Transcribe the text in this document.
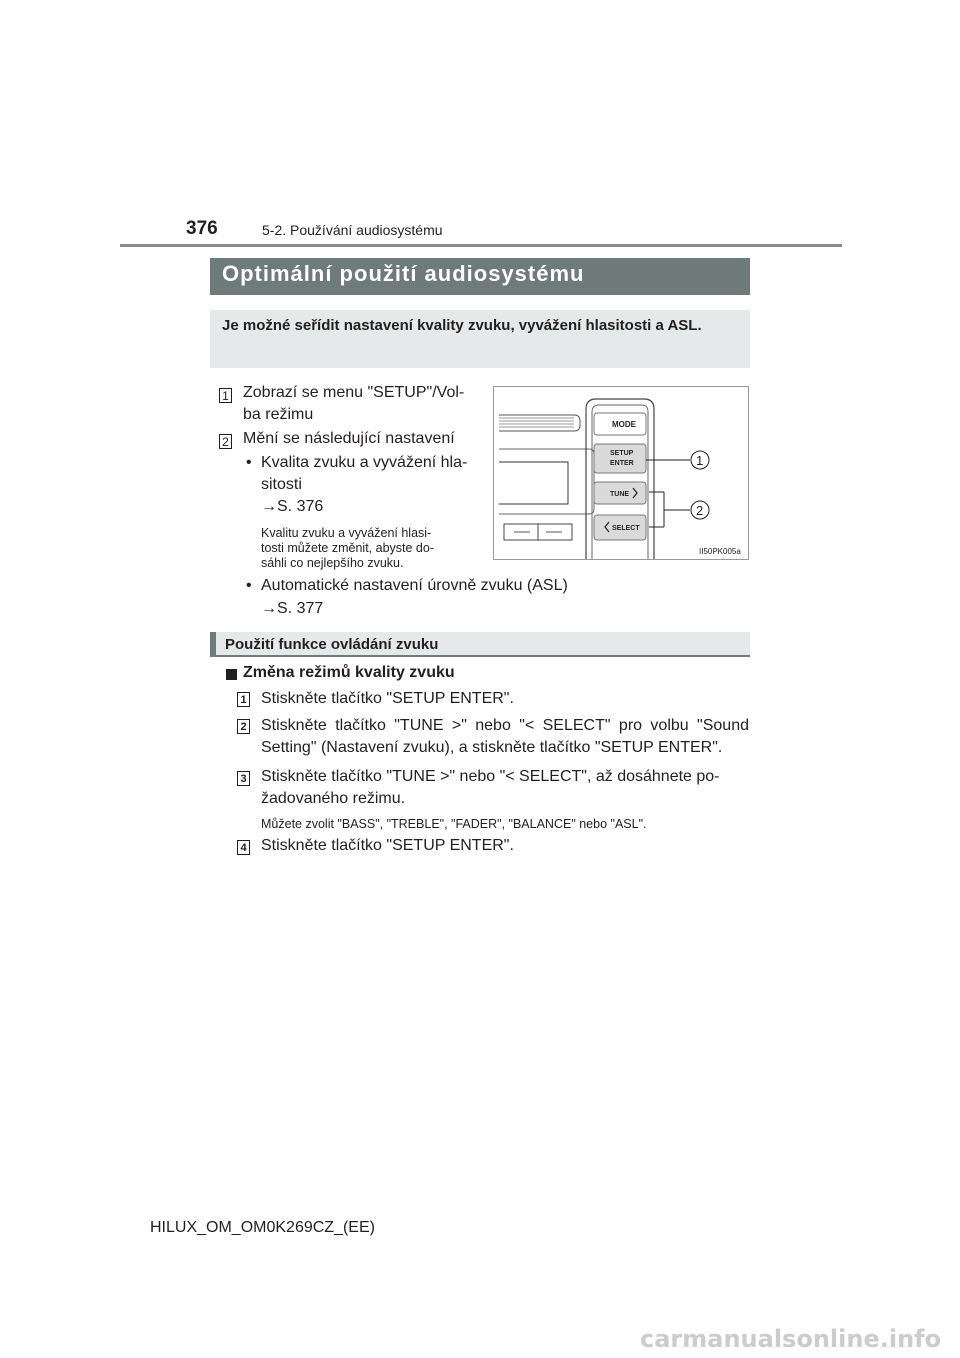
376	5-2. Používání audiosystému
Optimální použití audiosystému
Je možné seřídit nastavení kvality zvuku, vyvážení hlasitosti a ASL.
1 Zobrazí se menu "SETUP"/Vol-
ba režimu
2 Mění se následující nastavení
• Kvalita zvuku a vyvážení hla-
sitosti
→S. 376
Kvalitu zvuku a vyvážení hlasi-
tosti můžete změnit, abyste do-
sáhli co nejlepšího zvuku.
• Automatické nastavení úrovně zvuku (ASL)
→S. 377
MODE
SETUP
ENTER
TUNE
SELECT
1
2
II50PK005a
Použití funkce ovládání zvuku
Změna režimů kvality zvuku
1 Stiskněte tlačítko "SETUP ENTER".
2 Stiskněte tlačítko "TUNE >" nebo "< SELECT" pro volbu "Sound
Setting" (Nastavení zvuku), a stiskněte tlačítko "SETUP ENTER".
3 Stiskněte tlačítko "TUNE >" nebo "< SELECT", až dosáhnete po-
žadovaného režimu.
Můžete zvolit "BASS", "TREBLE", "FADER", "BALANCE" nebo "ASL".
4 Stiskněte tlačítko "SETUP ENTER".
HILUX_OM_OM0K269CZ_(EE)
carmanualsonline.info
